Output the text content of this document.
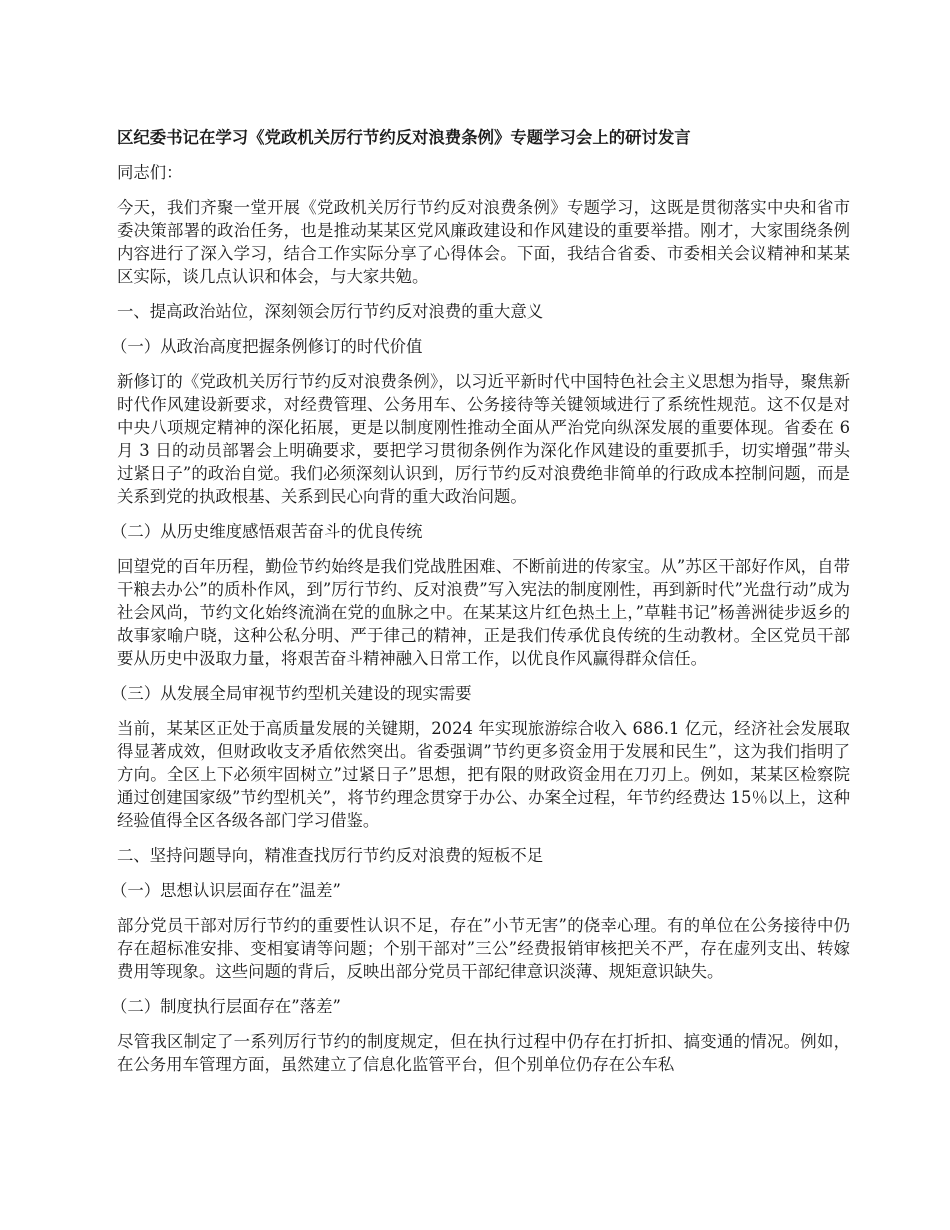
区纪委书记在学习《党政机关厉行节约反对浪费条例》专题学习会上的研讨发言

同志们：

今天，我们齐聚一堂开展《党政机关厉行节约反对浪费条例》专题学习，这既是贯彻落实中央和省市委决策部署的政治任务，也是推动某某区党风廉政建设和作风建设的重要举措。刚才，大家围绕条例内容进行了深入学习，结合工作实际分享了心得体会。下面，我结合省委、市委相关会议精神和某某区实际，谈几点认识和体会，与大家共勉。

一、提高政治站位，深刻领会厉行节约反对浪费的重大意义

（一）从政治高度把握条例修订的时代价值

新修订的《党政机关厉行节约反对浪费条例》，以习近平新时代中国特色社会主义思想为指导，聚焦新时代作风建设新要求，对经费管理、公务用车、公务接待等关键领域进行了系统性规范。这不仅是对中央八项规定精神的深化拓展，更是以制度刚性推动全面从严治党向纵深发展的重要体现。省委在 6 月 3 日的动员部署会上明确要求，要把学习贯彻条例作为深化作风建设的重要抓手，切实增强”带头过紧日子”的政治自觉。我们必须深刻认识到，厉行节约反对浪费绝非简单的行政成本控制问题，而是关系到党的执政根基、关系到民心向背的重大政治问题。

（二）从历史维度感悟艰苦奋斗的优良传统

回望党的百年历程，勤俭节约始终是我们党战胜困难、不断前进的传家宝。从”苏区干部好作风，自带干粮去办公”的质朴作风，到”厉行节约、反对浪费”写入宪法的制度刚性，再到新时代”光盘行动”成为社会风尚，节约文化始终流淌在党的血脉之中。在某某这片红色热土上，”草鞋书记”杨善洲徒步返乡的故事家喻户晓，这种公私分明、严于律己的精神，正是我们传承优良传统的生动教材。全区党员干部要从历史中汲取力量，将艰苦奋斗精神融入日常工作，以优良作风赢得群众信任。

（三）从发展全局审视节约型机关建设的现实需要

当前，某某区正处于高质量发展的关键期，2024 年实现旅游综合收入 686.1 亿元，经济社会发展取得显著成效，但财政收支矛盾依然突出。省委强调”节约更多资金用于发展和民生”，这为我们指明了方向。全区上下必须牢固树立”过紧日子”思想，把有限的财政资金用在刀刃上。例如，某某区检察院通过创建国家级”节约型机关”，将节约理念贯穿于办公、办案全过程，年节约经费达 15％以上，这种经验值得全区各级各部门学习借鉴。

二、坚持问题导向，精准查找厉行节约反对浪费的短板不足

（一）思想认识层面存在”温差”

部分党员干部对厉行节约的重要性认识不足，存在”小节无害”的侥幸心理。有的单位在公务接待中仍存在超标准安排、变相宴请等问题；个别干部对”三公”经费报销审核把关不严，存在虚列支出、转嫁费用等现象。这些问题的背后，反映出部分党员干部纪律意识淡薄、规矩意识缺失。

（二）制度执行层面存在”落差”

尽管我区制定了一系列厉行节约的制度规定，但在执行过程中仍存在打折扣、搞变通的情况。例如，在公务用车管理方面，虽然建立了信息化监管平台，但个别单位仍存在公车私
